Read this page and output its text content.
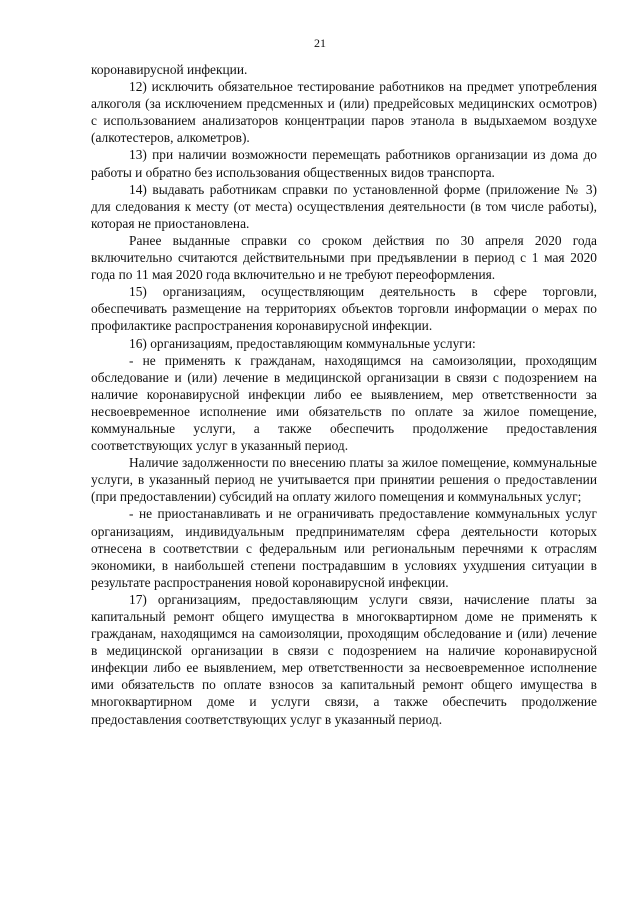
21

коронавирусной инфекции.

12) исключить обязательное тестирование работников на предмет употребления алкоголя (за исключением предсменных и (или) предрейсовых медицинских осмотров) с использованием анализаторов концентрации паров этанола в выдыхаемом воздухе (алкотестеров, алкометров).

13) при наличии возможности перемещать работников организации из дома до работы и обратно без использования общественных видов транспорта.

14) выдавать работникам справки по установленной форме (приложение № 3) для следования к месту (от места) осуществления деятельности (в том числе работы), которая не приостановлена.

Ранее выданные справки со сроком действия по 30 апреля 2020 года включительно считаются действительными при предъявлении в период с 1 мая 2020 года по 11 мая 2020 года включительно и не требуют переоформления.

15) организациям, осуществляющим деятельность в сфере торговли, обеспечивать размещение на территориях объектов торговли информации о мерах по профилактике распространения коронавирусной инфекции.

16) организациям, предоставляющим коммунальные услуги:

- не применять к гражданам, находящимся на самоизоляции, проходящим обследование и (или) лечение в медицинской организации в связи с подозрением на наличие коронавирусной инфекции либо ее выявлением, мер ответственности за несвоевременное исполнение ими обязательств по оплате за жилое помещение, коммунальные услуги, а также обеспечить продолжение предоставления соответствующих услуг в указанный период.

Наличие задолженности по внесению платы за жилое помещение, коммунальные услуги, в указанный период не учитывается при принятии решения о предоставлении (при предоставлении) субсидий на оплату жилого помещения и коммунальных услуг;

- не приостанавливать и не ограничивать предоставление коммунальных услуг организациям, индивидуальным предпринимателям сфера деятельности которых отнесена в соответствии с федеральным или региональным перечнями к отраслям экономики, в наибольшей степени пострадавшим в условиях ухудшения ситуации в результате распространения новой коронавирусной инфекции.

17) организациям, предоставляющим услуги связи, начисление платы за капитальный ремонт общего имущества в многоквартирном доме не применять к гражданам, находящимся на самоизоляции, проходящим обследование и (или) лечение в медицинской организации в связи с подозрением на наличие коронавирусной инфекции либо ее выявлением, мер ответственности за несвоевременное исполнение ими обязательств по оплате взносов за капитальный ремонт общего имущества в многоквартирном доме и услуги связи, а также обеспечить продолжение предоставления соответствующих услуг в указанный период.
